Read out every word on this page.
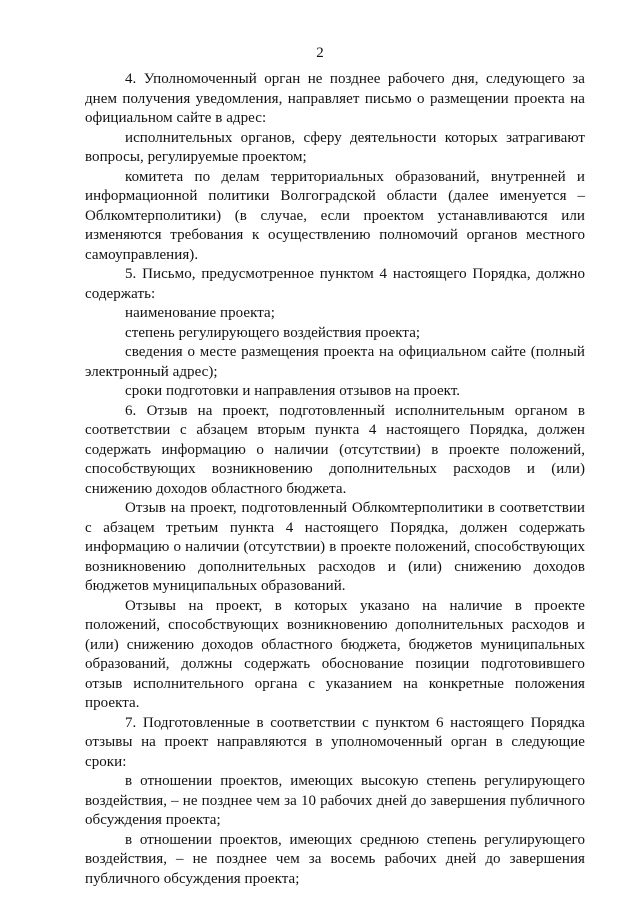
2

4. Уполномоченный орган не позднее рабочего дня, следующего за днем получения уведомления, направляет письмо о размещении проекта на официальном сайте в адрес:

исполнительных органов, сферу деятельности которых затрагивают вопросы, регулируемые проектом;

комитета по делам территориальных образований, внутренней и информационной политики Волгоградской области (далее именуется – Облкомтерполитики) (в случае, если проектом устанавливаются или изменяются требования к осуществлению полномочий органов местного самоуправления).

5. Письмо, предусмотренное пунктом 4 настоящего Порядка, должно содержать:

наименование проекта;

степень регулирующего воздействия проекта;

сведения о месте размещения проекта на официальном сайте (полный электронный адрес);

сроки подготовки и направления отзывов на проект.

6. Отзыв на проект, подготовленный исполнительным органом в соответствии с абзацем вторым пункта 4 настоящего Порядка, должен содержать информацию о наличии (отсутствии) в проекте положений, способствующих возникновению дополнительных расходов и (или) снижению доходов областного бюджета.

Отзыв на проект, подготовленный Облкомтерполитики в соответствии с абзацем третьим пункта 4 настоящего Порядка, должен содержать информацию о наличии (отсутствии) в проекте положений, способствующих возникновению дополнительных расходов и (или) снижению доходов бюджетов муниципальных образований.

Отзывы на проект, в которых указано на наличие в проекте положений, способствующих возникновению дополнительных расходов и (или) снижению доходов областного бюджета, бюджетов муниципальных образований, должны содержать обоснование позиции подготовившего отзыв исполнительного органа с указанием на конкретные положения проекта.

7. Подготовленные в соответствии с пунктом 6 настоящего Порядка отзывы на проект направляются в уполномоченный орган в следующие сроки:

в отношении проектов, имеющих высокую степень регулирующего воздействия, – не позднее чем за 10 рабочих дней до завершения публичного обсуждения проекта;

в отношении проектов, имеющих среднюю степень регулирующего воздействия, – не позднее чем за восемь рабочих дней до завершения публичного обсуждения проекта;
